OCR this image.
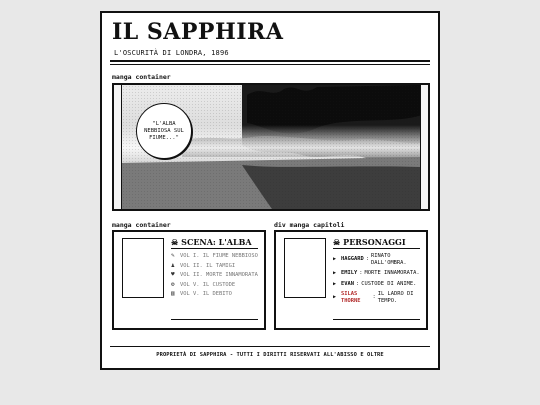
IL SAPPHIRA
L'OSCURITÀ DI LONDRA, 1896
manga container
"L'ALBA NEBBIOSA SUL FIUME..."
manga container	div manga capitoli
☠ SCENA: L'ALBA
✎ VOL I. IL FIUME NEBBIOSO
♟ VOL II. IL TAMIGI
♥ VOL II. MORTE INNAMORATA
⚙ VOL V. IL CUSTODE
▥ VOL V. IL DEBITO
☠ PERSONAGGI
▶ HAGGARD :
RINATO DALL'OMBRA.
▶ EMILY : MORTE INNAMORATA.
▶ EVAN : CUSTODE DI ANIME.
▶
SILAS THORNE
:
IL LADRO DI TEMPO.
PROPRIETÀ DI SAPPHIRA - TUTTI I DIRITTI RISERVATI ALL'ABISSO E OLTRE
